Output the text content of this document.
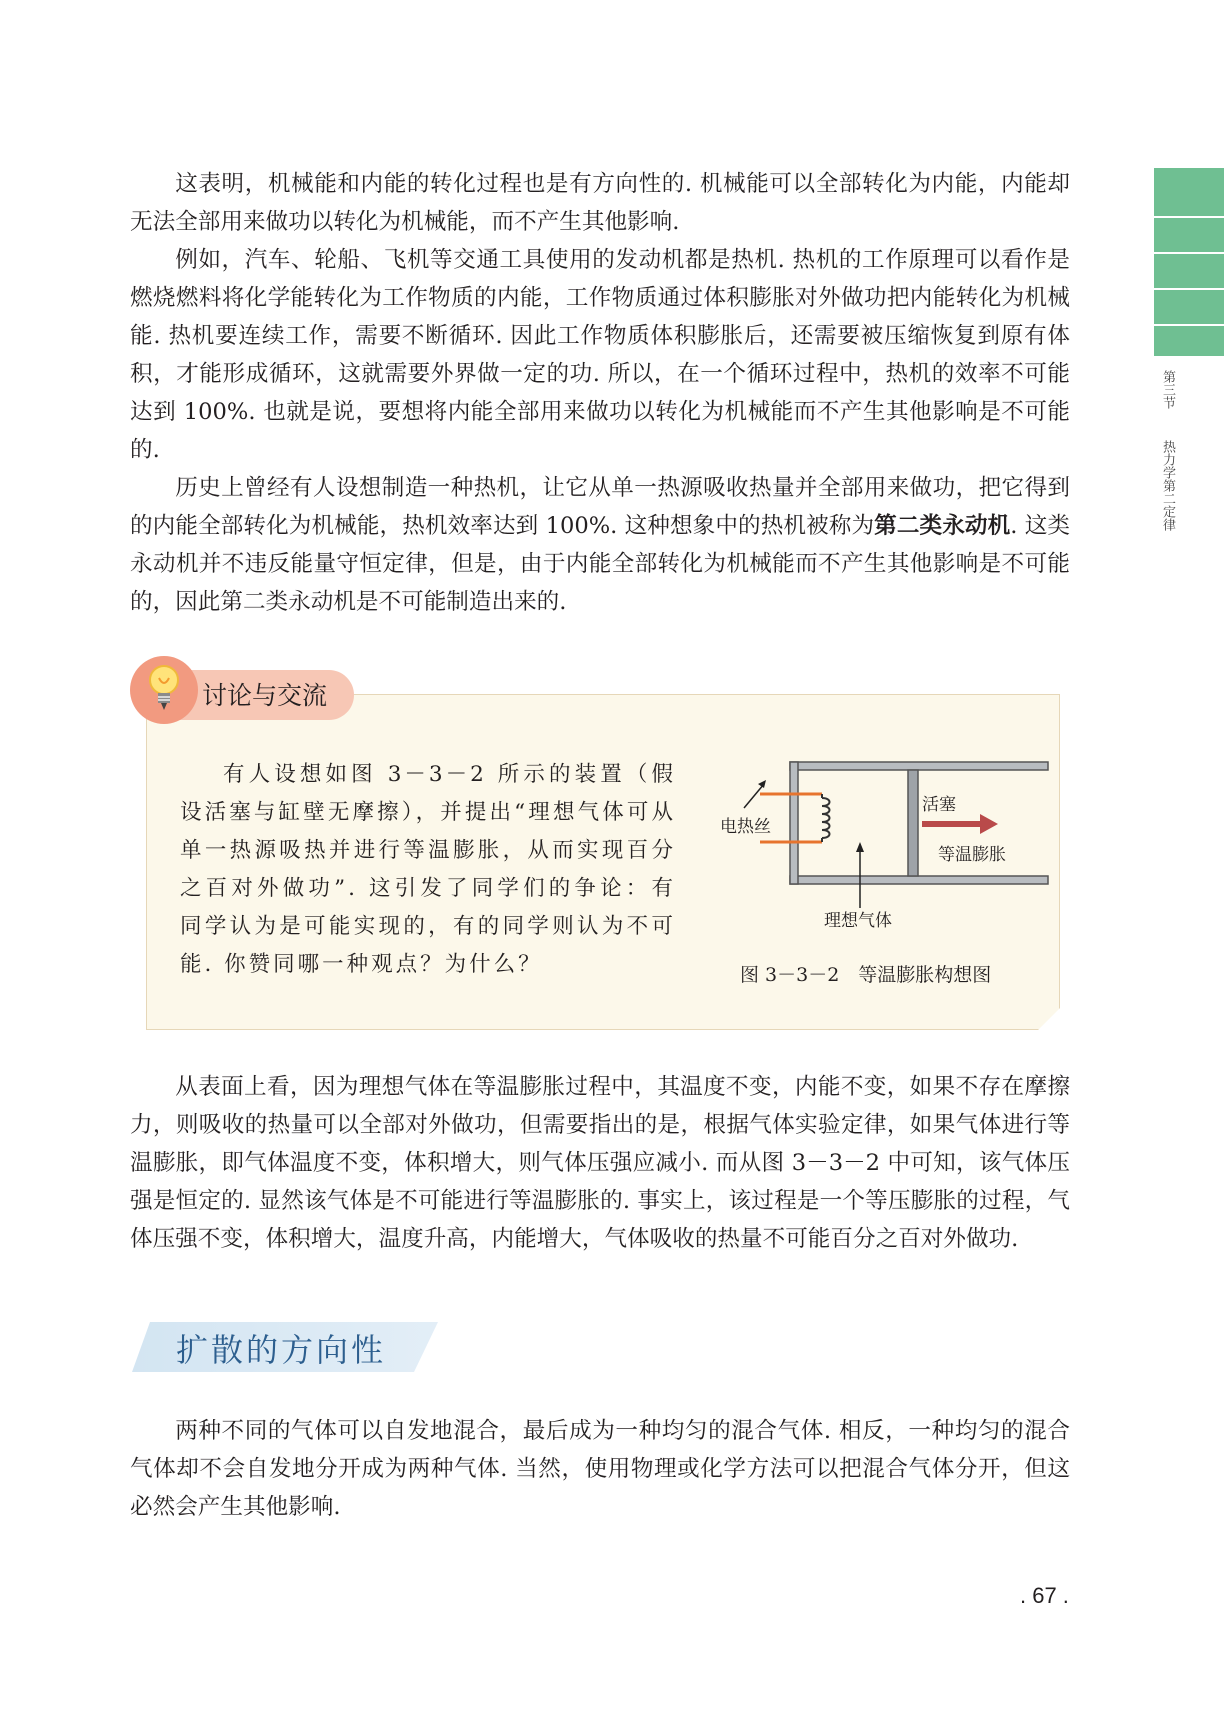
第三节
热力学第二定律

这表明，机械能和内能的转化过程也是有方向性的. 机械能可以全部转化为内能，内能却无法全部用来做功以转化为机械能，而不产生其他影响.

例如，汽车、轮船、飞机等交通工具使用的发动机都是热机. 热机的工作原理可以看作是燃烧燃料将化学能转化为工作物质的内能，工作物质通过体积膨胀对外做功把内能转化为机械能. 热机要连续工作，需要不断循环. 因此工作物质体积膨胀后，还需要被压缩恢复到原有体积，才能形成循环，这就需要外界做一定的功. 所以，在一个循环过程中，热机的效率不可能达到 100%. 也就是说，要想将内能全部用来做功以转化为机械能而不产生其他影响是不可能的.

历史上曾经有人设想制造一种热机，让它从单一热源吸收热量并全部用来做功，把它得到的内能全部转化为机械能，热机效率达到 100%. 这种想象中的热机被称为第二类永动机. 这类永动机并不违反能量守恒定律，但是，由于内能全部转化为机械能而不产生其他影响是不可能的，因此第二类永动机是不可能制造出来的.

讨论与交流

有人设想如图 3－3－2 所示的装置（假设活塞与缸壁无摩擦），并提出“理想气体可从单一热源吸热并进行等温膨胀，从而实现百分之百对外做功”. 这引发了同学们的争论：有同学认为是可能实现的，有的同学则认为不可能. 你赞同哪一种观点？为什么？

电热丝
活塞
等温膨胀
理想气体
图 3－3－2　等温膨胀构想图

从表面上看，因为理想气体在等温膨胀过程中，其温度不变，内能不变，如果不存在摩擦力，则吸收的热量可以全部对外做功，但需要指出的是，根据气体实验定律，如果气体进行等温膨胀，即气体温度不变，体积增大，则气体压强应减小. 而从图 3－3－2 中可知，该气体压强是恒定的. 显然该气体是不可能进行等温膨胀的. 事实上，该过程是一个等压膨胀的过程，气体压强不变，体积增大，温度升高，内能增大，气体吸收的热量不可能百分之百对外做功.

扩散的方向性

两种不同的气体可以自发地混合，最后成为一种均匀的混合气体. 相反，一种均匀的混合气体却不会自发地分开成为两种气体. 当然，使用物理或化学方法可以把混合气体分开，但这必然会产生其他影响.

. 67 .
